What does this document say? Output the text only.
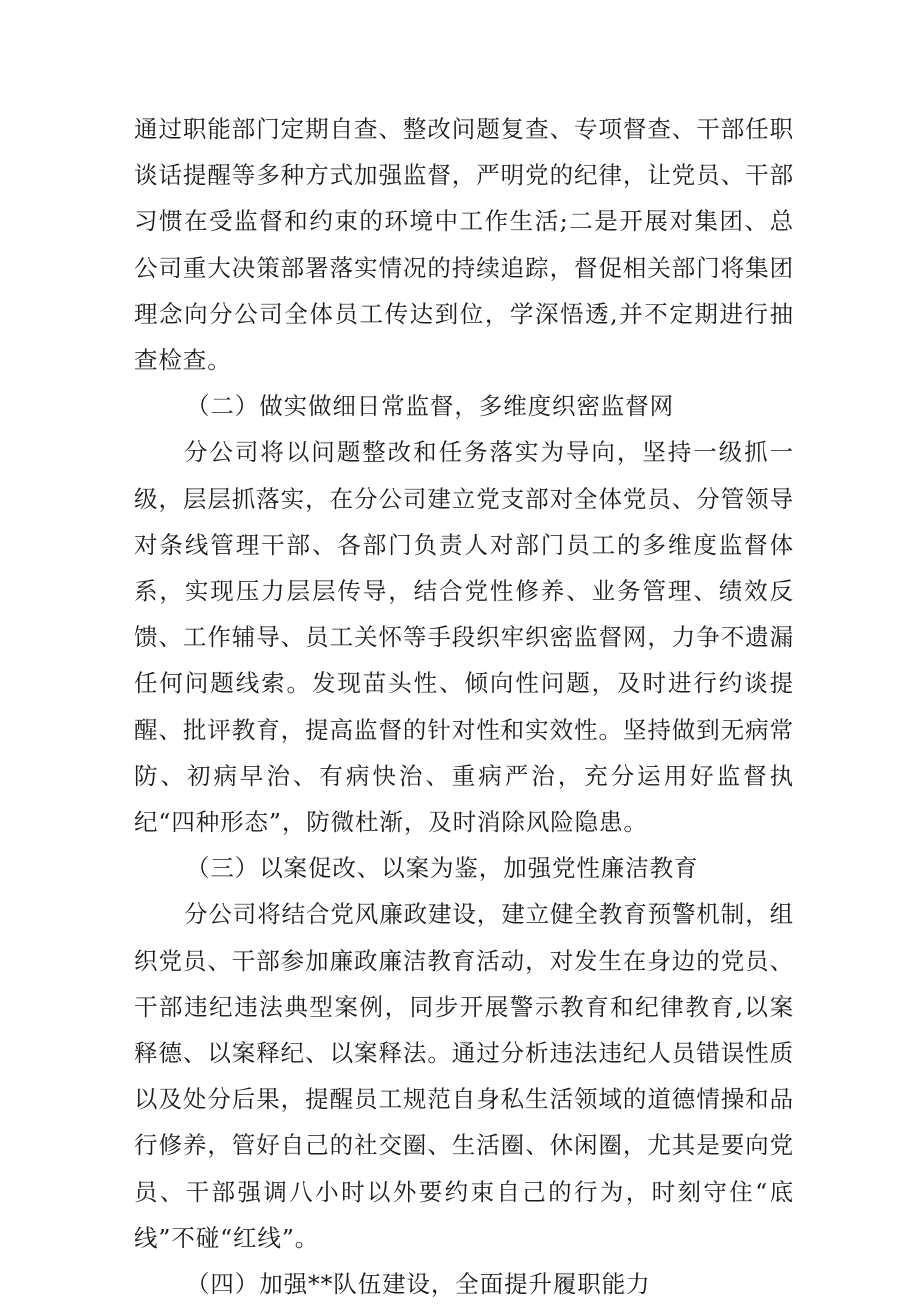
通过职能部门定期自查、整改问题复查、专项督查、干部任职谈话提醒等多种方式加强监督，严明党的纪律，让党员、干部习惯在受监督和约束的环境中工作生活;二是开展对集团、总公司重大决策部署落实情况的持续追踪，督促相关部门将集团理念向分公司全体员工传达到位，学深悟透,并不定期进行抽查检查。

（二）做实做细日常监督，多维度织密监督网

分公司将以问题整改和任务落实为导向，坚持一级抓一级，层层抓落实，在分公司建立党支部对全体党员、分管领导对条线管理干部、各部门负责人对部门员工的多维度监督体系，实现压力层层传导，结合党性修养、业务管理、绩效反馈、工作辅导、员工关怀等手段织牢织密监督网，力争不遗漏任何问题线索。发现苗头性、倾向性问题，及时进行约谈提醒、批评教育，提高监督的针对性和实效性。坚持做到无病常防、初病早治、有病快治、重病严治，充分运用好监督执纪“四种形态”，防微杜渐，及时消除风险隐患。

（三）以案促改、以案为鉴，加强党性廉洁教育

分公司将结合党风廉政建设，建立健全教育预警机制，组织党员、干部参加廉政廉洁教育活动，对发生在身边的党员、干部违纪违法典型案例，同步开展警示教育和纪律教育,以案释德、以案释纪、以案释法。通过分析违法违纪人员错误性质以及处分后果，提醒员工规范自身私生活领域的道德情操和品行修养，管好自己的社交圈、生活圈、休闲圈，尤其是要向党员、干部强调八小时以外要约束自己的行为，时刻守住“底线”不碰“红线”。

（四）加强**队伍建设，全面提升履职能力
